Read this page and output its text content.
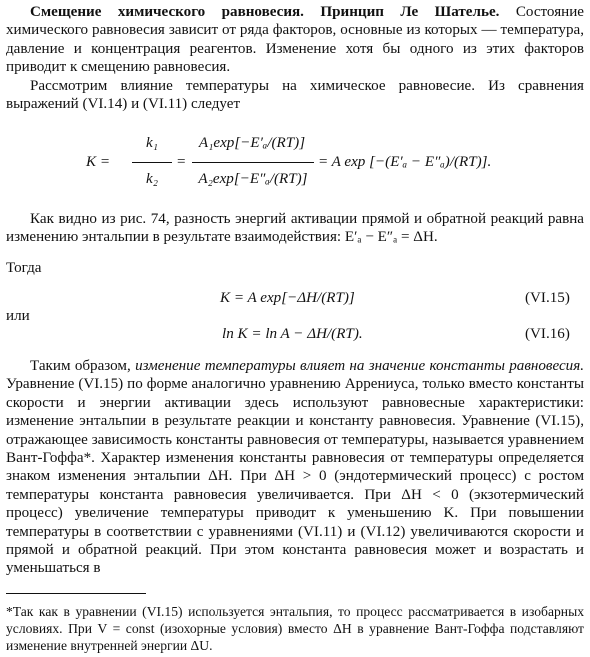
Смещение химического равновесия. Принцип Ле Шателье. Состояние химического равновесия зависит от ряда факторов, основные из которых — температура, давление и концентрация реагентов. Изменение хотя бы одного из этих факторов приводит к смещению равновесия.
Рассмотрим влияние температуры на химическое равновесие. Из сравнения выражений (VI.14) и (VI.11) следует
K =
k₁
k₂
=
A₁exp[−E′ₐ/(RT)]
A₂exp[−E″ₐ/(RT)]
= A exp [−(E′ₐ − E″ₐ)/(RT)].
Как видно из рис. 74, разность энергий активации прямой и обратной реакций равна изменению энтальпии в результате взаимодействия: E′ₐ − E″ₐ = ΔH.
Тогда
K = A exp[−ΔH/(RT)]	(VI.15)
или
ln K = ln A − ΔH/(RT).	(VI.16)
Таким образом, изменение температуры влияет на значение константы равновесия. Уравнение (VI.15) по форме аналогично уравнению Аррениуса, только вместо константы скорости и энергии активации здесь используют равновесные характеристики: изменение энтальпии в результате реакции и константу равновесия. Уравнение (VI.15), отражающее зависимость константы равновесия от температуры, называется уравнением Вант-Гоффа*. Характер изменения константы равновесия от температуры определяется знаком изменения энтальпии ΔH. При ΔH > 0 (эндотермический процесс) с ростом температуры константа равновесия увеличивается. При ΔH < 0 (экзотермический процесс) увеличение температуры приводит к уменьшению K. При повышении температуры в соответствии с уравнениями (VI.11) и (VI.12) увеличиваются скорости и прямой и обратной реакций. При этом константа равновесия может и возрастать и уменьшаться в
*Так как в уравнении (VI.15) используется энтальпия, то процесс рассматривается в изобарных условиях. При V = const (изохорные условия) вместо ΔH в уравнение Вант-Гоффа подставляют изменение внутренней энергии ΔU.
